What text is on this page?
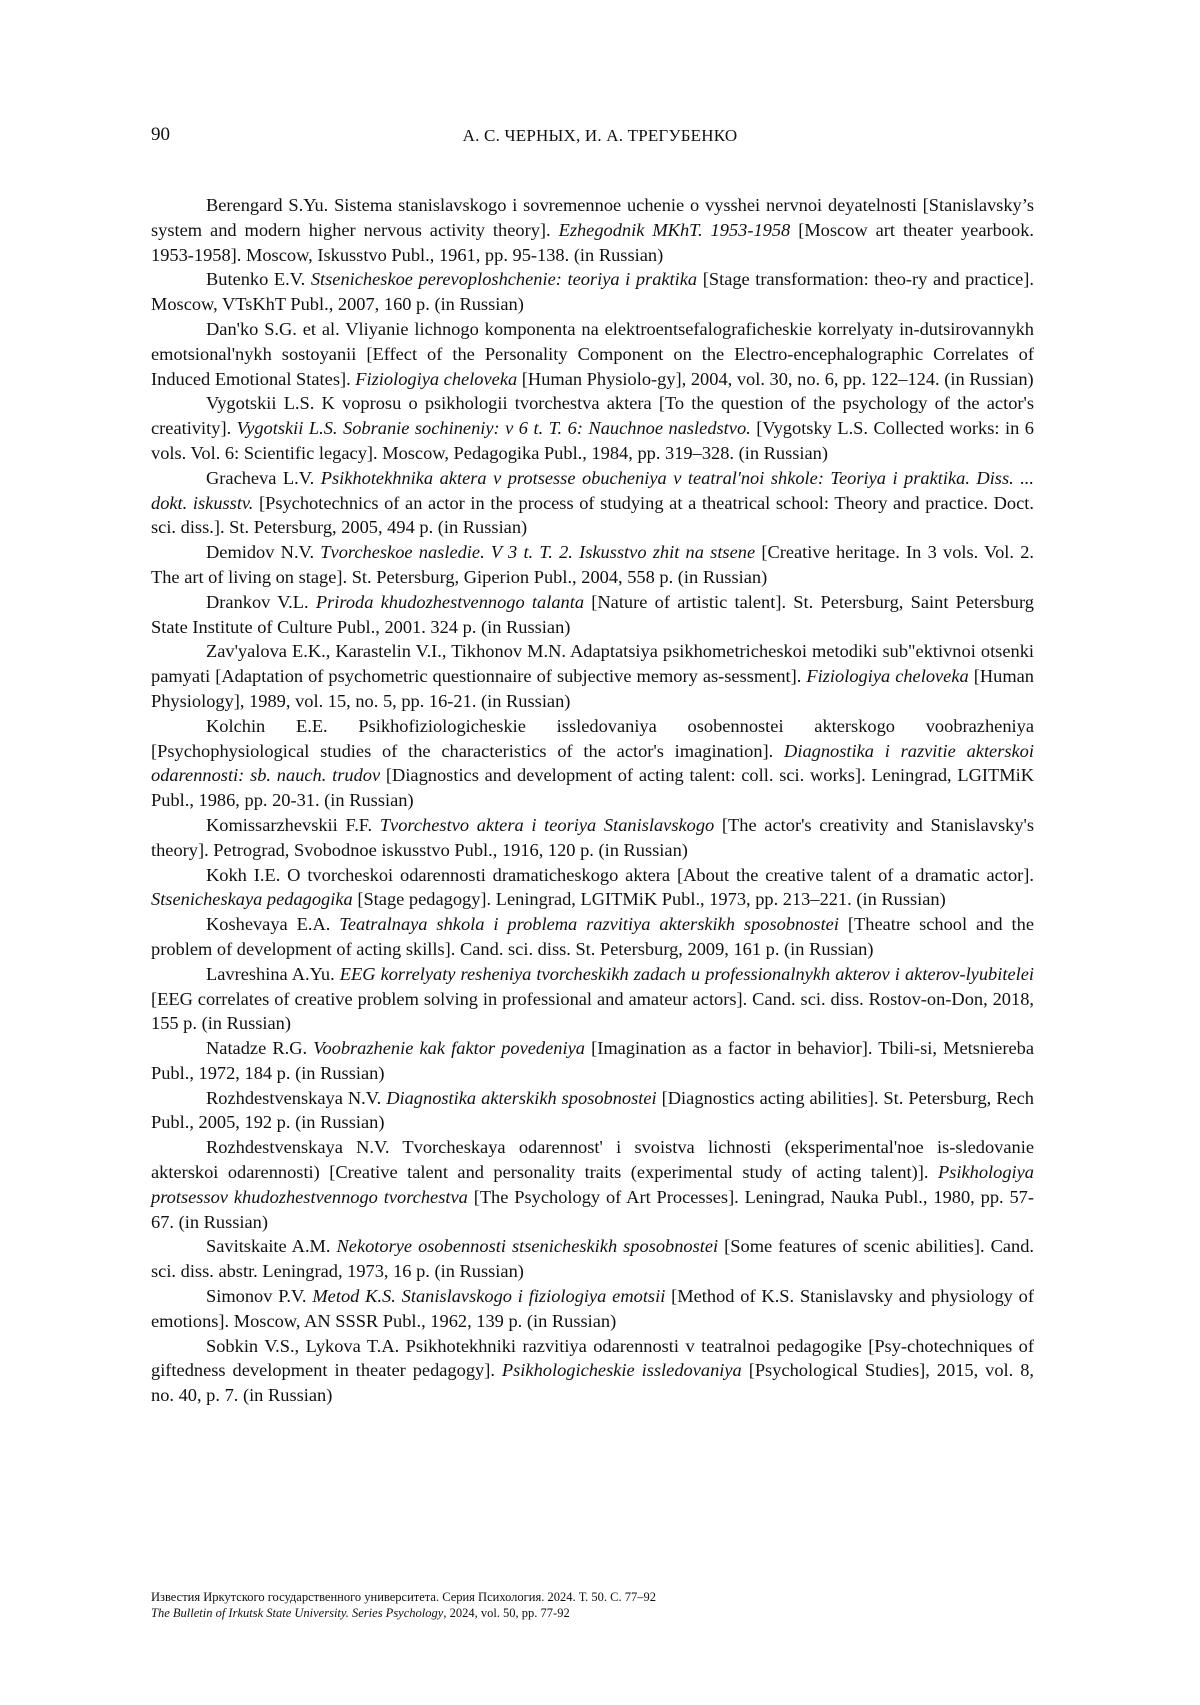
90	А. С. ЧЕРНЫХ, И. А. ТРЕГУБЕНКО

Berengard S.Yu. Sistema stanislavskogo i sovremennoe uchenie o vysshei nervnoi deyatelnosti [Stanislavsky’s system and modern higher nervous activity theory]. Ezhegodnik MKhT. 1953-1958 [Moscow art theater yearbook. 1953-1958]. Moscow, Iskusstvo Publ., 1961, pp. 95-138. (in Russian)

Butenko E.V. Stsenicheskoe perevoploshchenie: teoriya i praktika [Stage transformation: theo-ry and practice]. Moscow, VTsKhT Publ., 2007, 160 p. (in Russian)

Dan'ko S.G. et al. Vliyanie lichnogo komponenta na elektroentsefalograficheskie korrelyaty in-dutsirovannykh emotsional'nykh sostoyanii [Effect of the Personality Component on the Electro-encephalographic Correlates of Induced Emotional States]. Fiziologiya cheloveka [Human Physiolo-gy], 2004, vol. 30, no. 6, pp. 122–124. (in Russian)

Vygotskii L.S. K voprosu o psikhologii tvorchestva aktera [To the question of the psychology of the actor's creativity]. Vygotskii L.S. Sobranie sochineniy: v 6 t. T. 6: Nauchnoe nasledstvo. [Vygotsky L.S. Collected works: in 6 vols. Vol. 6: Scientific legacy]. Moscow, Pedagogika Publ., 1984, pp. 319–328. (in Russian)

Gracheva L.V. Psikhotekhnika aktera v protsesse obucheniya v teatral'noi shkole: Teoriya i praktika. Diss. ... dokt. iskusstv. [Psychotechnics of an actor in the process of studying at a theatrical school: Theory and practice. Doct. sci. diss.]. St. Petersburg, 2005, 494 p. (in Russian)

Demidov N.V. Tvorcheskoe nasledie. V 3 t. T. 2. Iskusstvo zhit na stsene [Creative heritage. In 3 vols. Vol. 2. The art of living on stage]. St. Petersburg, Giperion Publ., 2004, 558 p. (in Russian)

Drankov V.L. Priroda khudozhestvennogo talanta [Nature of artistic talent]. St. Petersburg, Saint Petersburg State Institute of Culture Publ., 2001. 324 p. (in Russian)

Zav'yalova E.K., Karastelin V.I., Tikhonov M.N. Adaptatsiya psikhometricheskoi metodiki sub"ektivnoi otsenki pamyati [Adaptation of psychometric questionnaire of subjective memory as-sessment]. Fiziologiya cheloveka [Human Physiology], 1989, vol. 15, no. 5, pp. 16-21. (in Russian)

Kolchin E.E. Psikhofiziologicheskie issledovaniya osobennostei akterskogo voobrazheniya [Psychophysiological studies of the characteristics of the actor's imagination]. Diagnostika i razvitie akterskoi odarennosti: sb. nauch. trudov [Diagnostics and development of acting talent: coll. sci. works]. Leningrad, LGITMiK Publ., 1986, pp. 20-31. (in Russian)

Komissarzhevskii F.F. Tvorchestvo aktera i teoriya Stanislavskogo [The actor's creativity and Stanislavsky's theory]. Petrograd, Svobodnoe iskusstvo Publ., 1916, 120 p. (in Russian)

Kokh I.E. O tvorcheskoi odarennosti dramaticheskogo aktera [About the creative talent of a dramatic actor]. Stsenicheskaya pedagogika [Stage pedagogy]. Leningrad, LGITMiK Publ., 1973, pp. 213–221. (in Russian)

Koshevaya E.A. Teatralnaya shkola i problema razvitiya akterskikh sposobnostei [Theatre school and the problem of development of acting skills]. Cand. sci. diss. St. Petersburg, 2009, 161 p. (in Russian)

Lavreshina A.Yu. EEG korrelyaty resheniya tvorcheskikh zadach u professionalnykh akterov i akterov-lyubitelei [EEG correlates of creative problem solving in professional and amateur actors]. Cand. sci. diss. Rostov-on-Don, 2018, 155 p. (in Russian)

Natadze R.G. Voobrazhenie kak faktor povedeniya [Imagination as a factor in behavior]. Tbili-si, Metsniereba Publ., 1972, 184 p. (in Russian)

Rozhdestvenskaya N.V. Diagnostika akterskikh sposobnostei [Diagnostics acting abilities]. St. Petersburg, Rech Publ., 2005, 192 p. (in Russian)

Rozhdestvenskaya N.V. Tvorcheskaya odarennost' i svoistva lichnosti (eksperimental'noe is-sledovanie akterskoi odarennosti) [Creative talent and personality traits (experimental study of acting talent)]. Psikhologiya protsessov khudozhestvennogo tvorchestva [The Psychology of Art Processes]. Leningrad, Nauka Publ., 1980, pp. 57-67. (in Russian)

Savitskaite A.M. Nekotorye osobennosti stsenicheskikh sposobnostei [Some features of scenic abilities]. Cand. sci. diss. abstr. Leningrad, 1973, 16 p. (in Russian)

Simonov P.V. Metod K.S. Stanislavskogo i fiziologiya emotsii [Method of K.S. Stanislavsky and physiology of emotions]. Moscow, AN SSSR Publ., 1962, 139 p. (in Russian)

Sobkin V.S., Lykova T.A. Psikhotekhniki razvitiya odarennosti v teatralnoi pedagogike [Psy-chotechniques of giftedness development in theater pedagogy]. Psikhologicheskie issledovaniya [Psychological Studies], 2015, vol. 8, no. 40, p. 7. (in Russian)

Известия Иркутского государственного университета. Серия Психология. 2024. Т. 50. С. 77–92
The Bulletin of Irkutsk State University. Series Psychology, 2024, vol. 50, pp. 77-92
